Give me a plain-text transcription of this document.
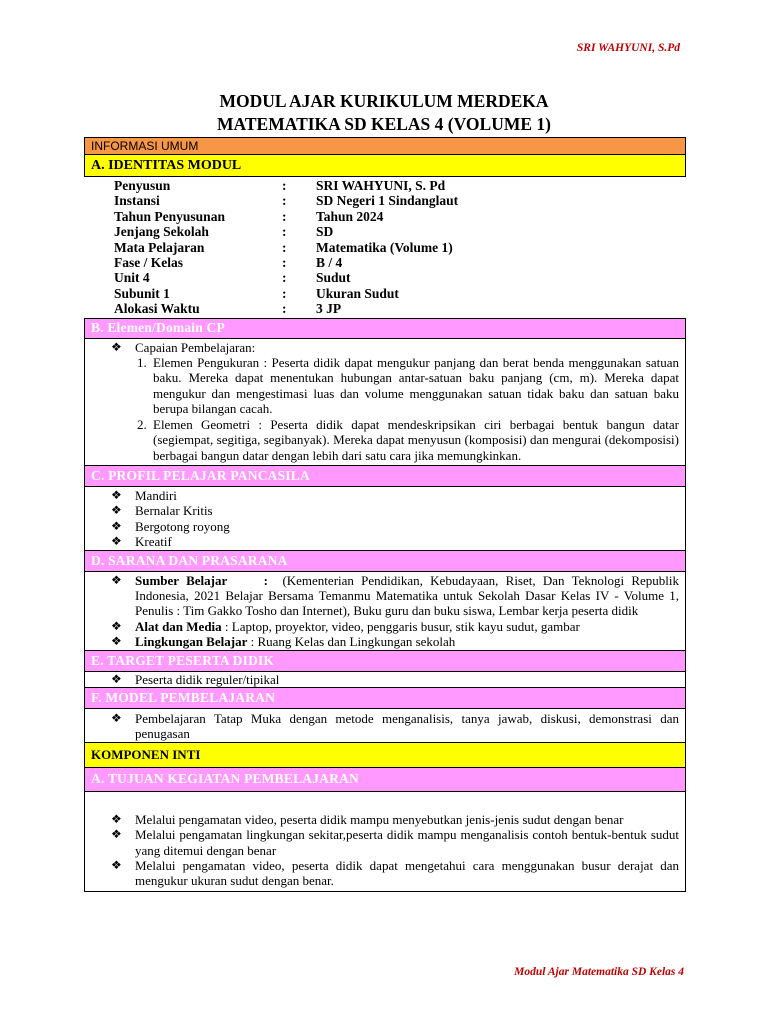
SRI WAHYUNI, S.Pd
MODUL AJAR KURIKULUM MERDEKA
MATEMATIKA SD KELAS 4 (VOLUME 1)
INFORMASI UMUM
A. IDENTITAS MODUL
Penyusun	:	SRI WAHYUNI, S. Pd
Instansi	:	SD Negeri 1 Sindanglaut
Tahun Penyusunan	:	Tahun 2024
Jenjang Sekolah	:	SD
Mata Pelajaran	:	Matematika (Volume 1)
Fase / Kelas	:	B / 4
Unit 4	:	Sudut
Subunit 1	:	Ukuran Sudut
Alokasi Waktu	:	3 JP
B. Elemen/Domain CP
❖	Capaian Pembelajaran:
1. Elemen Pengukuran : Peserta didik dapat mengukur panjang dan berat benda menggunakan satuan baku. Mereka dapat menentukan hubungan antar-satuan baku panjang (cm, m). Mereka dapat mengukur dan mengestimasi luas dan volume menggunakan satuan tidak baku dan satuan baku berupa bilangan cacah.
2. Elemen Geometri : Peserta didik dapat mendeskripsikan ciri berbagai bentuk bangun datar (segiempat, segitiga, segibanyak). Mereka dapat menyusun (komposisi) dan mengurai (dekomposisi) berbagai bangun datar dengan lebih dari satu cara jika memungkinkan.
C. PROFIL PELAJAR PANCASILA
❖	Mandiri
❖	Bernalar Kritis
❖	Bergotong royong
❖	Kreatif
D. SARANA DAN PRASARANA
❖	Sumber Belajar	: (Kementerian Pendidikan, Kebudayaan, Riset, Dan Teknologi Republik Indonesia, 2021 Belajar Bersama Temanmu Matematika untuk Sekolah Dasar Kelas IV - Volume 1, Penulis : Tim Gakko Tosho dan Internet), Buku guru dan buku siswa, Lembar kerja peserta didik
❖	Alat dan Media : Laptop, proyektor, video, penggaris busur, stik kayu sudut, gambar
❖	Lingkungan Belajar : Ruang Kelas dan Lingkungan sekolah
E. TARGET PESERTA DIDIK
❖	Peserta didik reguler/tipikal
F. MODEL PEMBELAJARAN
❖	Pembelajaran Tatap Muka dengan metode menganalisis, tanya jawab, diskusi, demonstrasi dan penugasan
KOMPONEN INTI
A. TUJUAN KEGIATAN PEMBELAJARAN
❖	Melalui pengamatan video, peserta didik mampu menyebutkan jenis-jenis sudut dengan benar
❖	Melalui pengamatan lingkungan sekitar,peserta didik mampu menganalisis contoh bentuk-bentuk sudut yang ditemui dengan benar
❖	Melalui pengamatan video, peserta didik dapat mengetahui cara menggunakan busur derajat dan mengukur ukuran sudut dengan benar.
Modul Ajar Matematika SD Kelas 4
